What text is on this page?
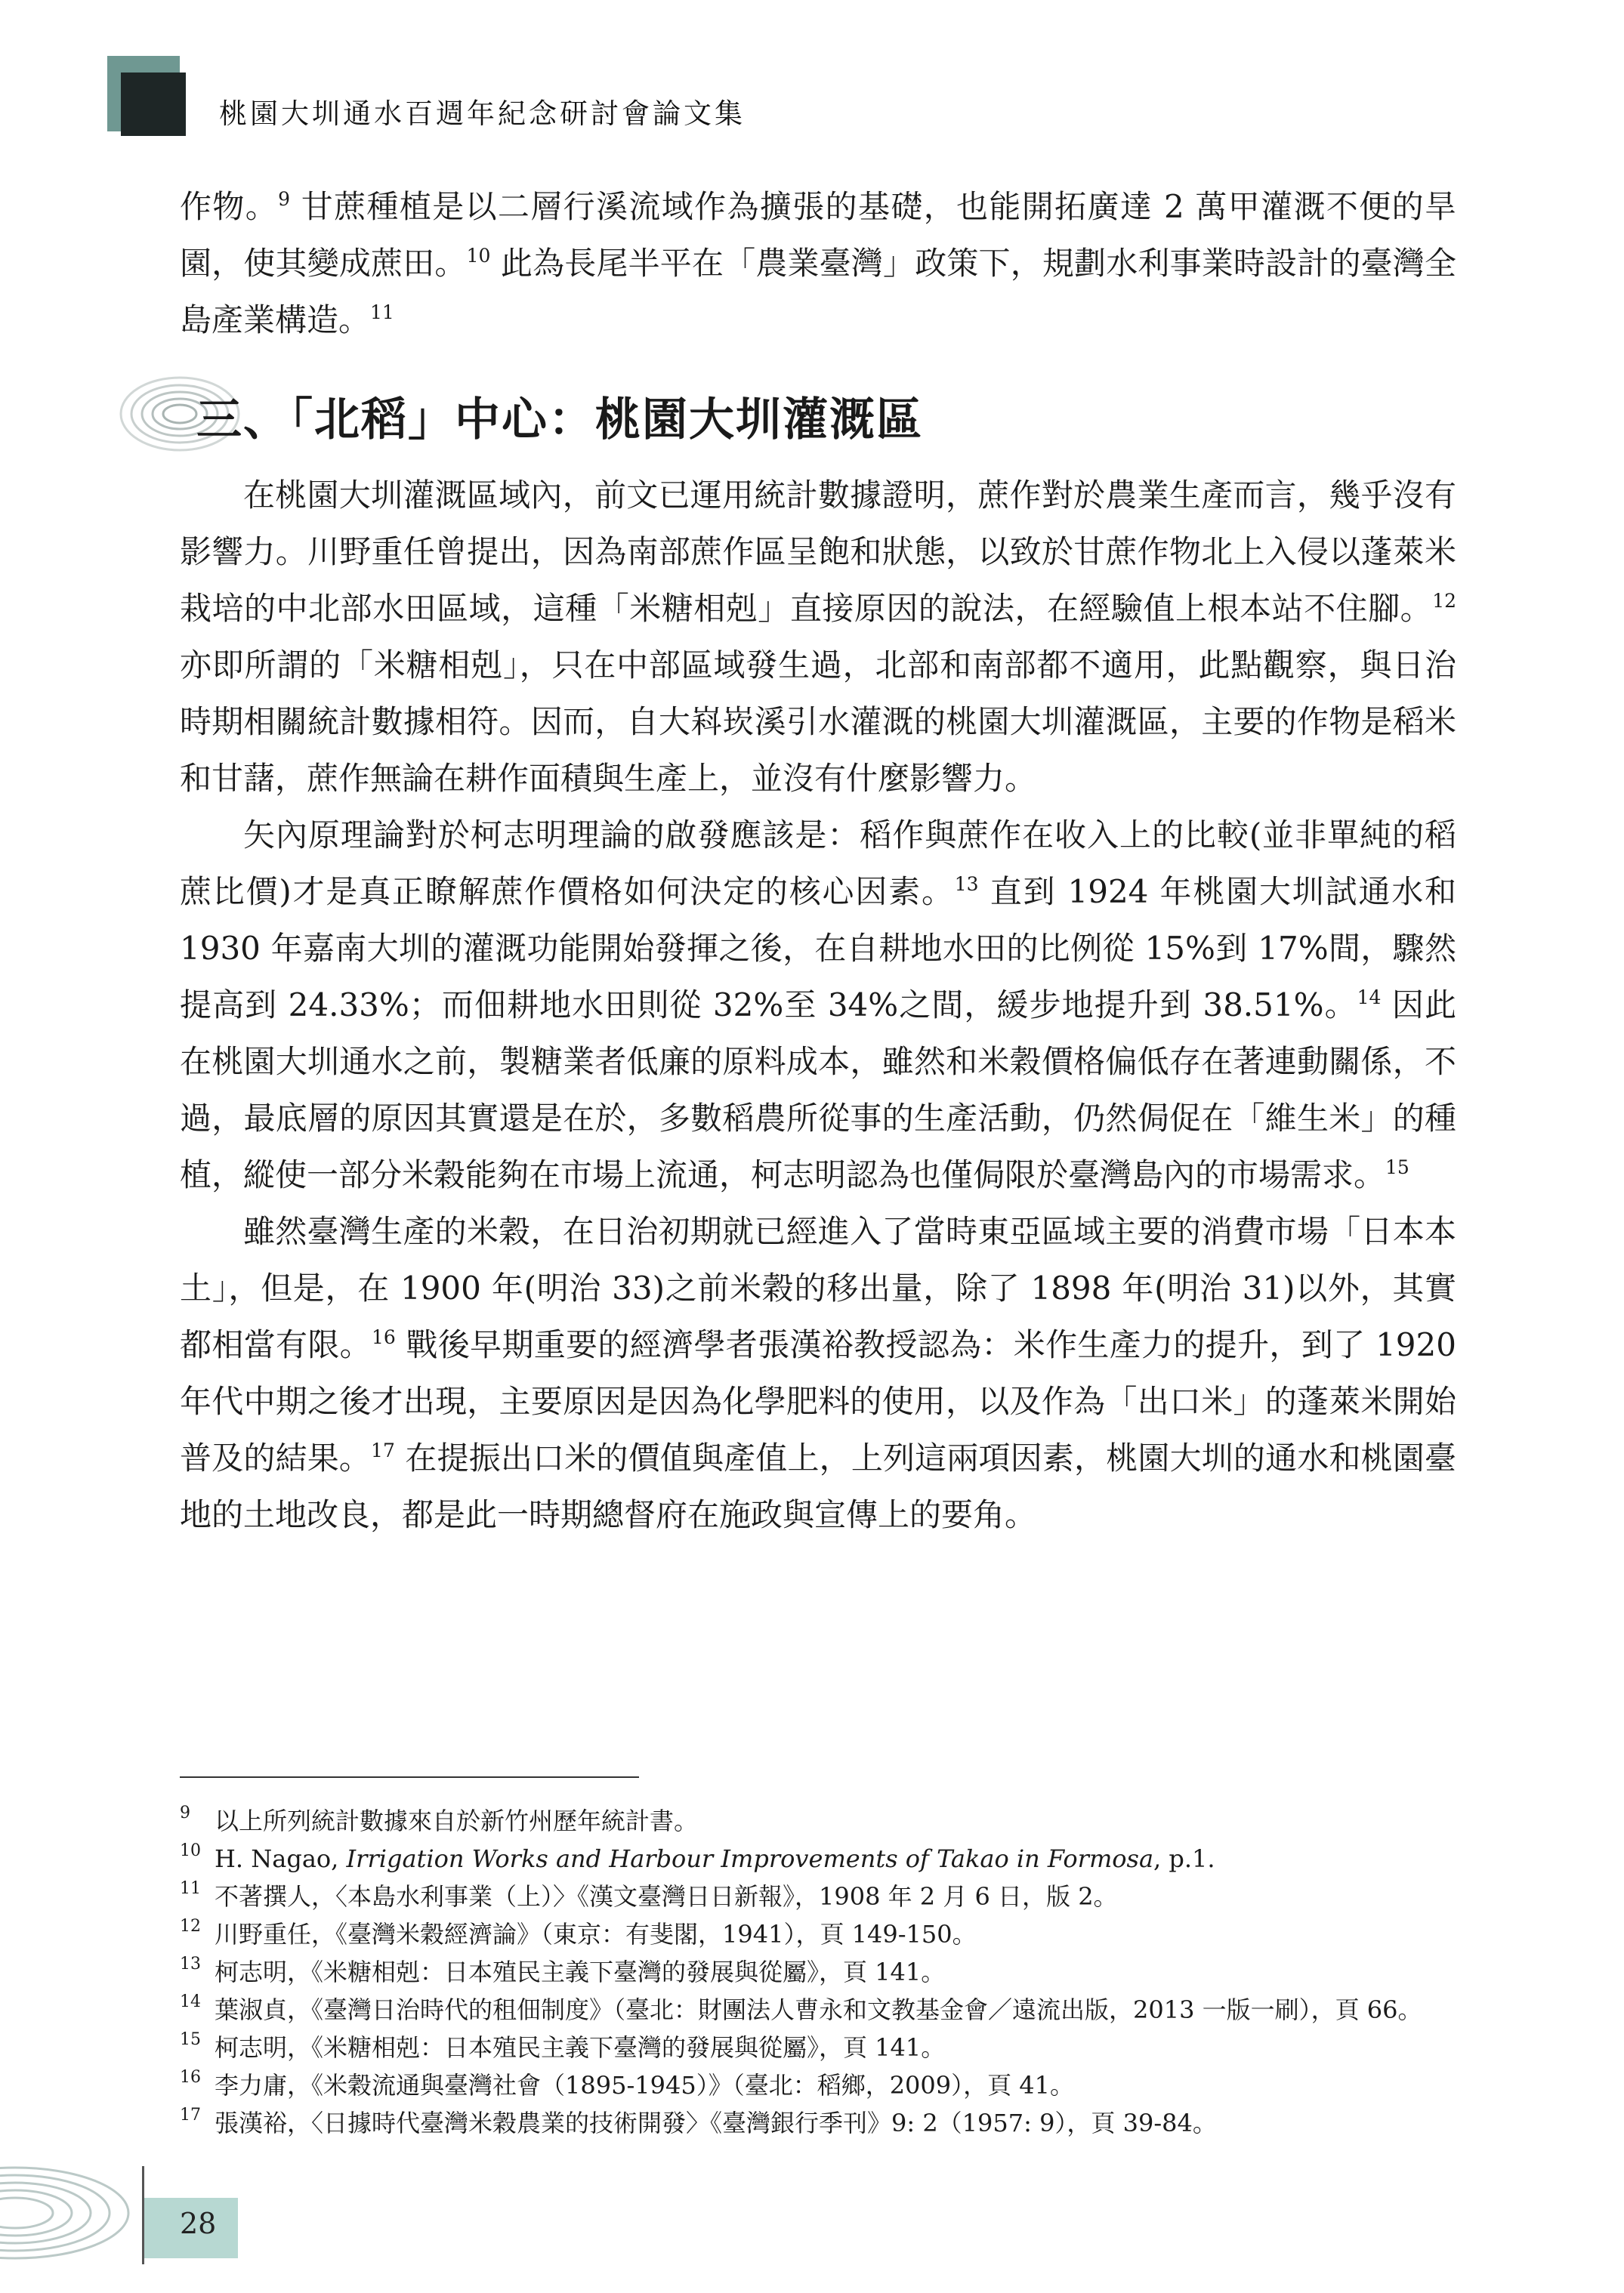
桃園大圳通水百週年紀念研討會論文集

作物。$^9$ 甘蔗種植是以二層行溪流域作為擴張的基礎，也能開拓廣達 2 萬甲灌溉不便的旱園，使其變成蔗田。$^{10}$ 此為長尾半平在「農業臺灣」政策下，規劃水利事業時設計的臺灣全島產業構造。$^{11}$

三、「北稻」中心：桃園大圳灌溉區

在桃園大圳灌溉區域內，前文已運用統計數據證明，蔗作對於農業生產而言，幾乎沒有影響力。川野重任曾提出，因為南部蔗作區呈飽和狀態，以致於甘蔗作物北上入侵以蓬萊米栽培的中北部水田區域，這種「米糖相剋」直接原因的說法，在經驗值上根本站不住腳。$^{12}$ 亦即所謂的「米糖相剋」，只在中部區域發生過，北部和南部都不適用，此點觀察，與日治時期相關統計數據相符。因而，自大嵙崁溪引水灌溉的桃園大圳灌溉區，主要的作物是稻米和甘藷，蔗作無論在耕作面積與生產上，並沒有什麼影響力。

矢內原理論對於柯志明理論的啟發應該是：稻作與蔗作在收入上的比較(並非單純的稻蔗比價)才是真正瞭解蔗作價格如何決定的核心因素。$^{13}$ 直到 1924 年桃園大圳試通水和 1930 年嘉南大圳的灌溉功能開始發揮之後，在自耕地水田的比例從 15%到 17%間，驟然提高到 24.33%；而佃耕地水田則從 32%至 34%之間，緩步地提升到 38.51%。$^{14}$ 因此在桃園大圳通水之前，製糖業者低廉的原料成本，雖然和米穀價格偏低存在著連動關係，不過，最底層的原因其實還是在於，多數稻農所從事的生產活動，仍然侷促在「維生米」的種植，縱使一部分米穀能夠在市場上流通，柯志明認為也僅侷限於臺灣島內的市場需求。$^{15}$

雖然臺灣生產的米穀，在日治初期就已經進入了當時東亞區域主要的消費市場「日本本土」，但是，在 1900 年(明治 33)之前米穀的移出量，除了 1898 年(明治 31)以外，其實都相當有限。$^{16}$ 戰後早期重要的經濟學者張漢裕教授認為：米作生產力的提升，到了 1920 年代中期之後才出現，主要原因是因為化學肥料的使用，以及作為「出口米」的蓬萊米開始普及的結果。$^{17}$ 在提振出口米的價值與產值上，上列這兩項因素，桃園大圳的通水和桃園臺地的土地改良，都是此一時期總督府在施政與宣傳上的要角。

9 以上所列統計數據來自於新竹州歷年統計書。
10 H. Nagao, Irrigation Works and Harbour Improvements of Takao in Formosa, p.1.
11 不著撰人，〈本島水利事業（上）〉《漢文臺灣日日新報》，1908 年 2 月 6 日，版 2。
12 川野重任，《臺灣米穀經濟論》（東京：有斐閣，1941），頁 149-150。
13 柯志明，《米糖相剋：日本殖民主義下臺灣的發展與從屬》，頁 141。
14 葉淑貞，《臺灣日治時代的租佃制度》（臺北：財團法人曹永和文教基金會／遠流出版，2013 一版一刷），頁 66。
15 柯志明，《米糖相剋：日本殖民主義下臺灣的發展與從屬》，頁 141。
16 李力庸，《米穀流通與臺灣社會（1895-1945）》（臺北：稻鄉，2009），頁 41。
17 張漢裕，〈日據時代臺灣米穀農業的技術開發〉《臺灣銀行季刊》9: 2（1957: 9），頁 39-84。
28
